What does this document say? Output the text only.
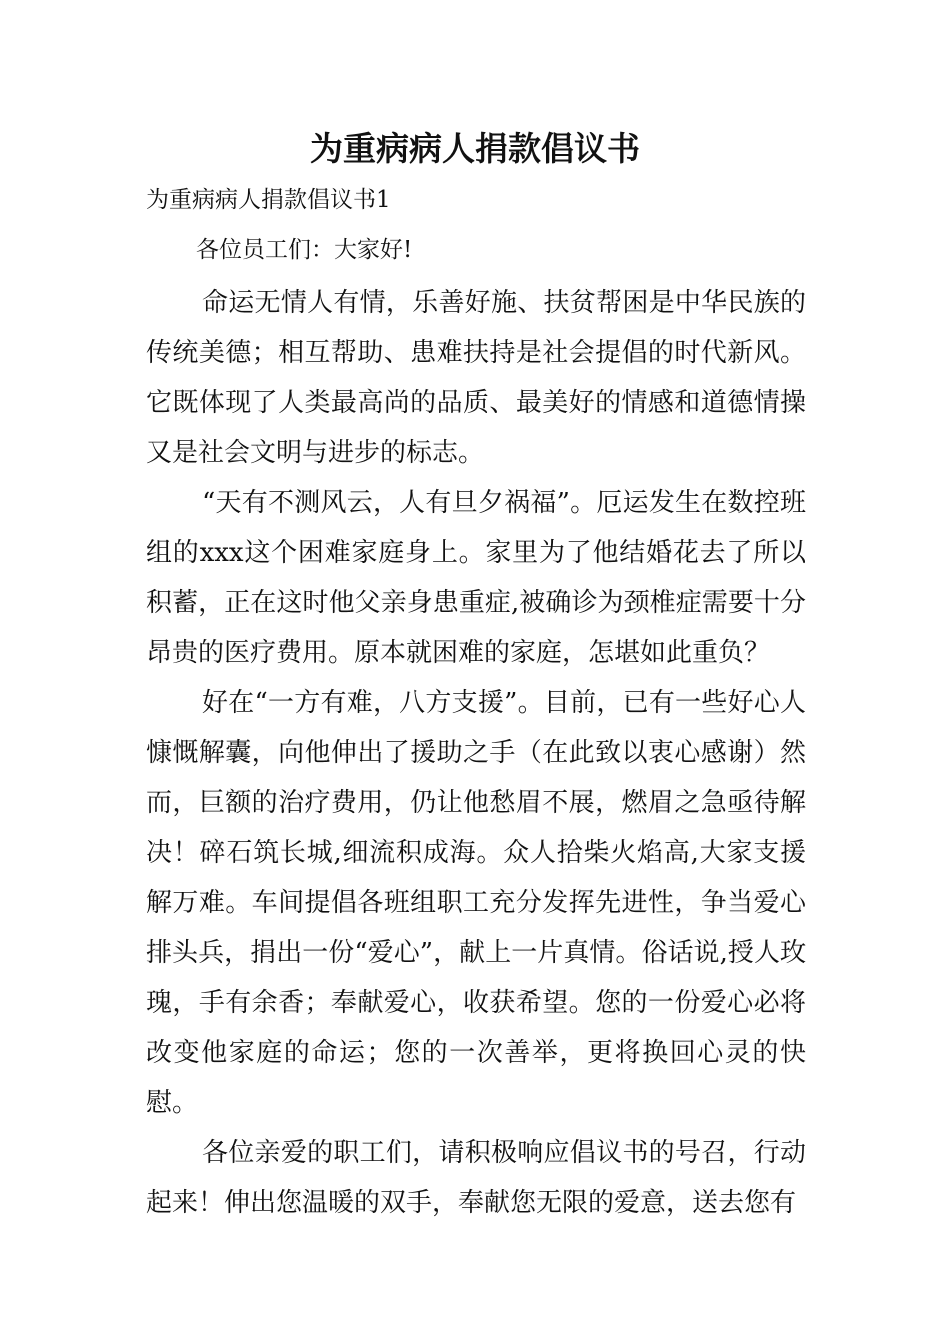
为重病病人捐款倡议书

为重病病人捐款倡议书1

各位员工们：大家好!

命运无情人有情，乐善好施、扶贫帮困是中华民族的传统美德；相互帮助、患难扶持是社会提倡的时代新风。它既体现了人类最高尚的品质、最美好的情感和道德情操又是社会文明与进步的标志。

“天有不测风云，人有旦夕祸福”。厄运发生在数控班组的xxx这个困难家庭身上。家里为了他结婚花去了所以积蓄，正在这时他父亲身患重症,被确诊为颈椎症需要十分昂贵的医疗费用。原本就困难的家庭，怎堪如此重负？

好在“一方有难，八方支援”。目前，已有一些好心人慷慨解囊，向他伸出了援助之手（在此致以衷心感谢）然而，巨额的治疗费用，仍让他愁眉不展，燃眉之急亟待解决！碎石筑长城,细流积成海。众人拾柴火焰高,大家支援解万难。车间提倡各班组职工充分发挥先进性，争当爱心排头兵，捐出一份“爱心”，献上一片真情。俗话说,授人玫瑰，手有余香；奉献爱心，收获希望。您的一份爱心必将改变他家庭的命运；您的一次善举，更将换回心灵的快慰。

各位亲爱的职工们，请积极响应倡议书的号召，行动起来！伸出您温暖的双手，奉献您无限的爱意，送去您有
